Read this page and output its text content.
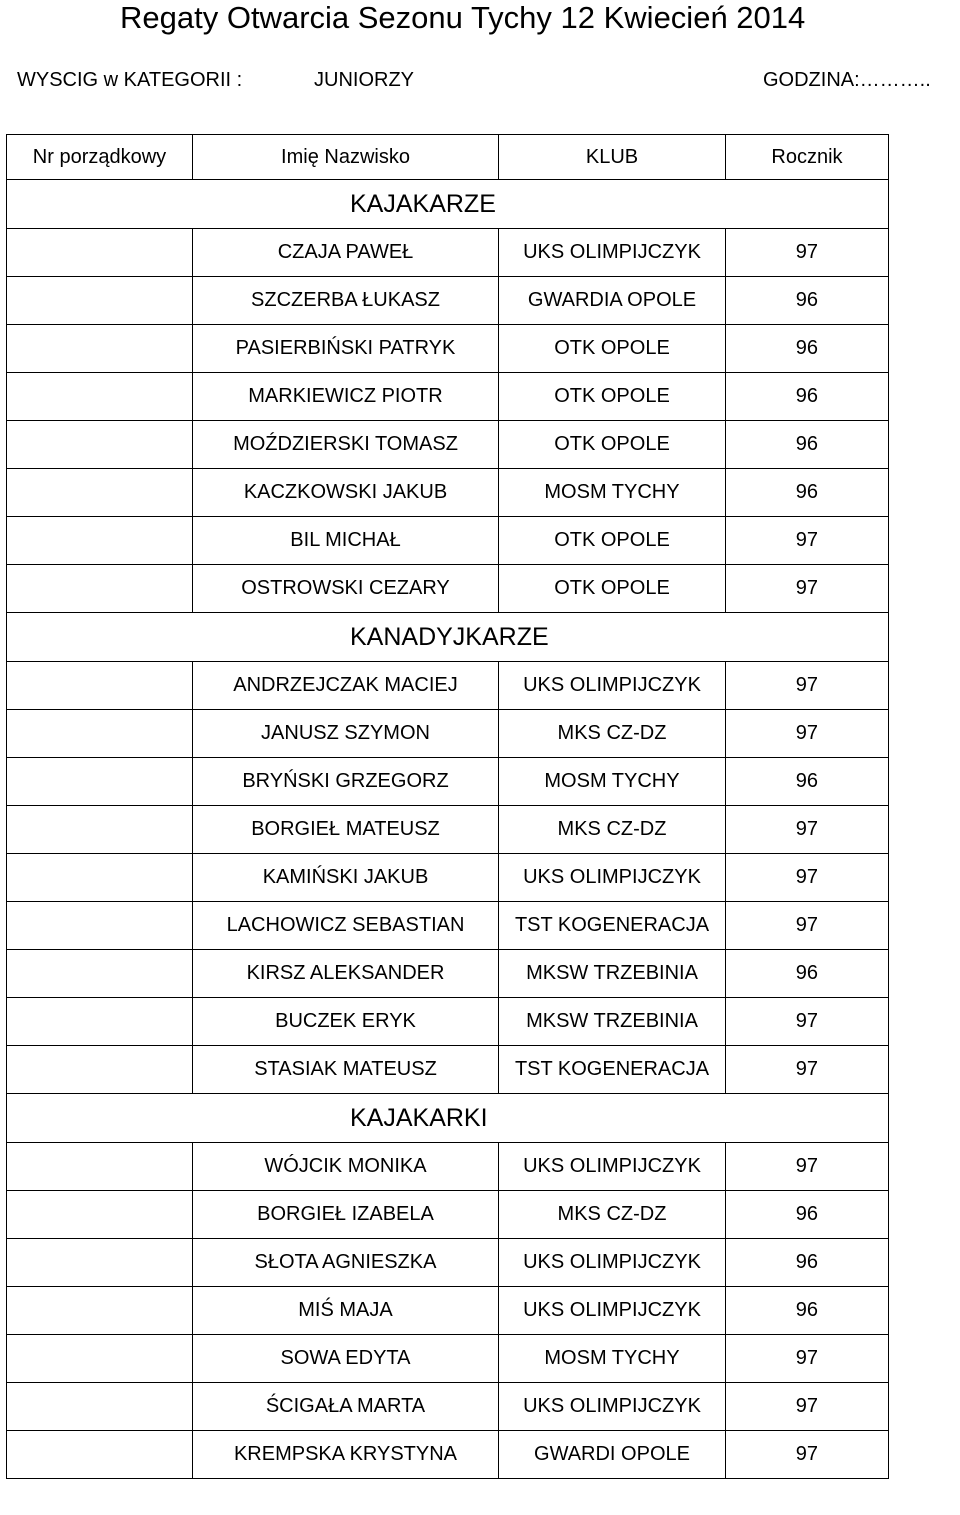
Regaty Otwarcia Sezonu Tychy 12 Kwiecień 2014
WYSCIG w KATEGORII :	JUNIORZY	GODZINA:………..
Nr porządkowy	Imię Nazwisko	KLUB	Rocznik
KAJAKARZE			
	CZAJA PAWEŁ	UKS OLIMPIJCZYK	97
	SZCZERBA ŁUKASZ	GWARDIA OPOLE	96
	PASIERBIŃSKI PATRYK	OTK OPOLE	96
	MARKIEWICZ PIOTR	OTK OPOLE	96
	MOŹDZIERSKI TOMASZ	OTK OPOLE	96
	KACZKOWSKI JAKUB	MOSM TYCHY	96
	BIL MICHAŁ	OTK OPOLE	97
	OSTROWSKI CEZARY	OTK OPOLE	97
KANADYJKARZE			
	ANDRZEJCZAK MACIEJ	UKS OLIMPIJCZYK	97
	JANUSZ SZYMON	MKS CZ-DZ	97
	BRYŃSKI GRZEGORZ	MOSM TYCHY	96
	BORGIEŁ MATEUSZ	MKS CZ-DZ	97
	KAMIŃSKI JAKUB	UKS OLIMPIJCZYK	97
	LACHOWICZ SEBASTIAN	TST KOGENERACJA	97
	KIRSZ ALEKSANDER	MKSW TRZEBINIA	96
	BUCZEK ERYK	MKSW TRZEBINIA	97
	STASIAK MATEUSZ	TST KOGENERACJA	97
KAJAKARKI			
	WÓJCIK MONIKA	UKS OLIMPIJCZYK	97
	BORGIEŁ IZABELA	MKS CZ-DZ	96
	SŁOTA AGNIESZKA	UKS OLIMPIJCZYK	96
	MIŚ MAJA	UKS OLIMPIJCZYK	96
	SOWA EDYTA	MOSM TYCHY	97
	ŚCIGAŁA MARTA	UKS OLIMPIJCZYK	97
	KREMPSKA KRYSTYNA	GWARDI OPOLE	97
